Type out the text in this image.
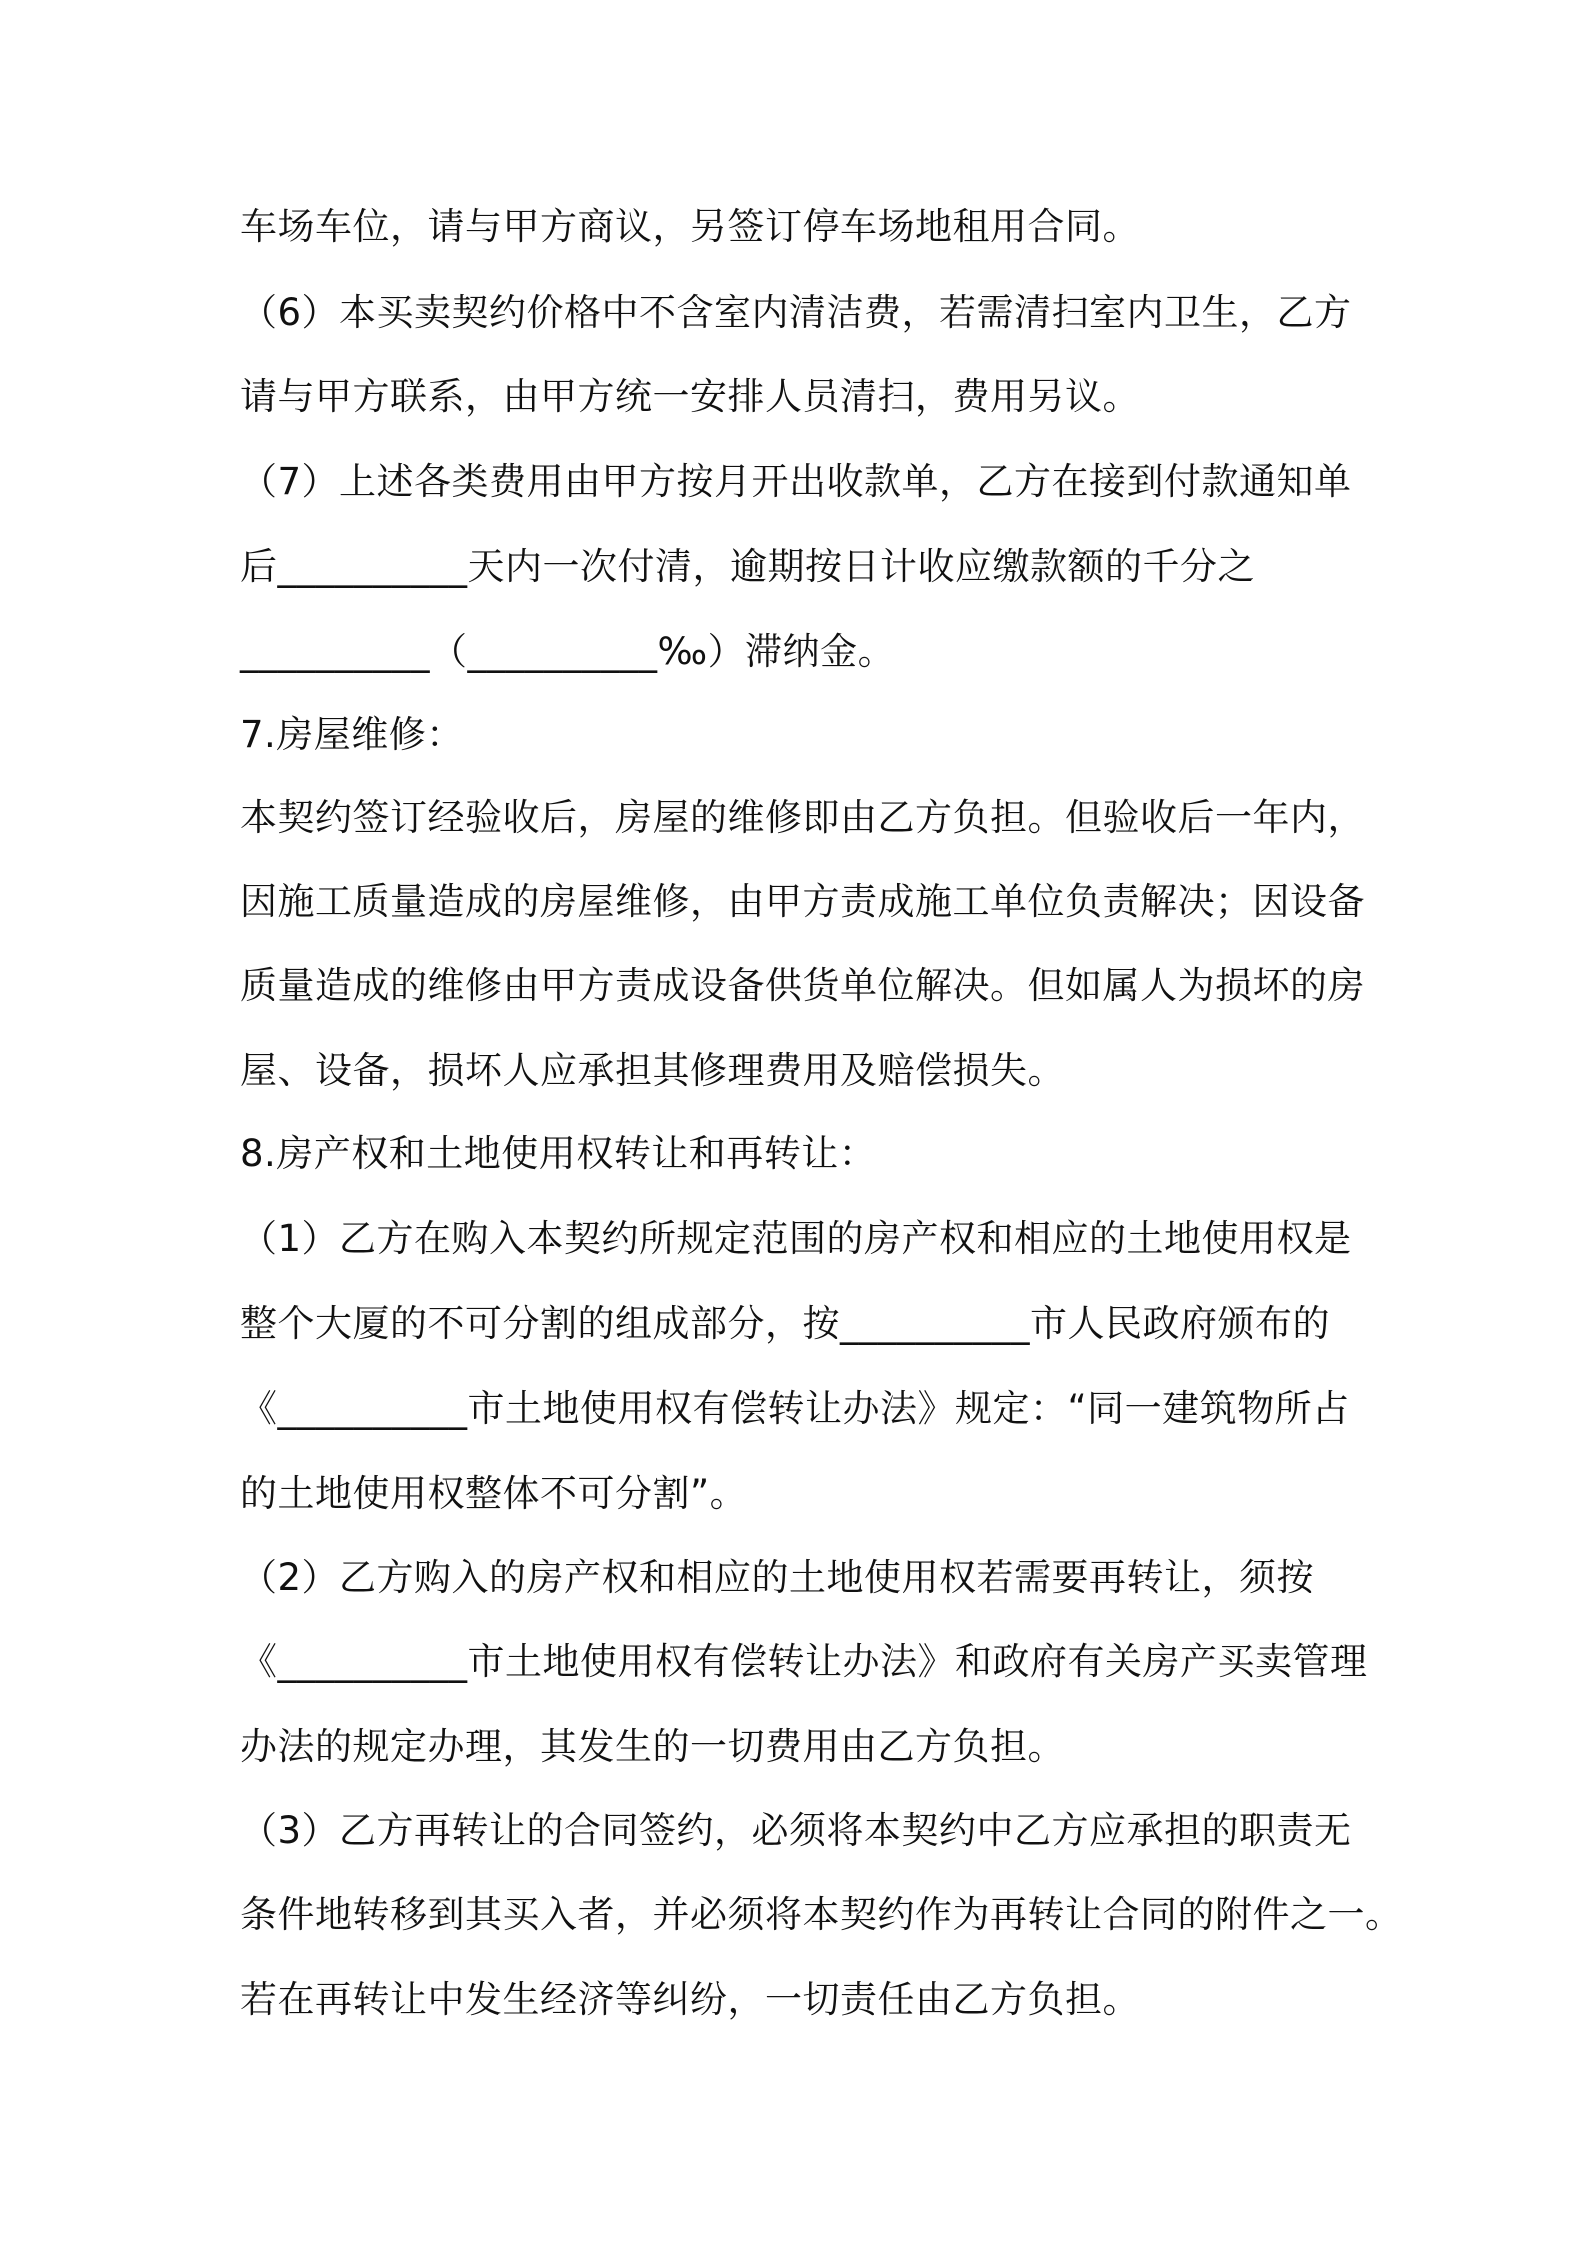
车场车位，请与甲方商议，另签订停车场地租用合同。
（6）本买卖契约价格中不含室内清洁费，若需清扫室内卫生，乙方
请与甲方联系，由甲方统一安排人员清扫，费用另议。
（7）上述各类费用由甲方按月开出收款单，乙方在接到付款通知单
后__________天内一次付清，逾期按日计收应缴款额的千分之
__________（__________‰）滞纳金。
7.房屋维修：
本契约签订经验收后，房屋的维修即由乙方负担。但验收后一年内，
因施工质量造成的房屋维修，由甲方责成施工单位负责解决；因设备
质量造成的维修由甲方责成设备供货单位解决。但如属人为损坏的房
屋、设备，损坏人应承担其修理费用及赔偿损失。
8.房产权和土地使用权转让和再转让：
（1）乙方在购入本契约所规定范围的房产权和相应的土地使用权是
整个大厦的不可分割的组成部分，按__________市人民政府颁布的
《__________市土地使用权有偿转让办法》规定：“同一建筑物所占
的土地使用权整体不可分割”。
（2）乙方购入的房产权和相应的土地使用权若需要再转让，须按
《__________市土地使用权有偿转让办法》和政府有关房产买卖管理
办法的规定办理，其发生的一切费用由乙方负担。
（3）乙方再转让的合同签约，必须将本契约中乙方应承担的职责无
条件地转移到其买入者，并必须将本契约作为再转让合同的附件之一。
若在再转让中发生经济等纠纷，一切责任由乙方负担。
